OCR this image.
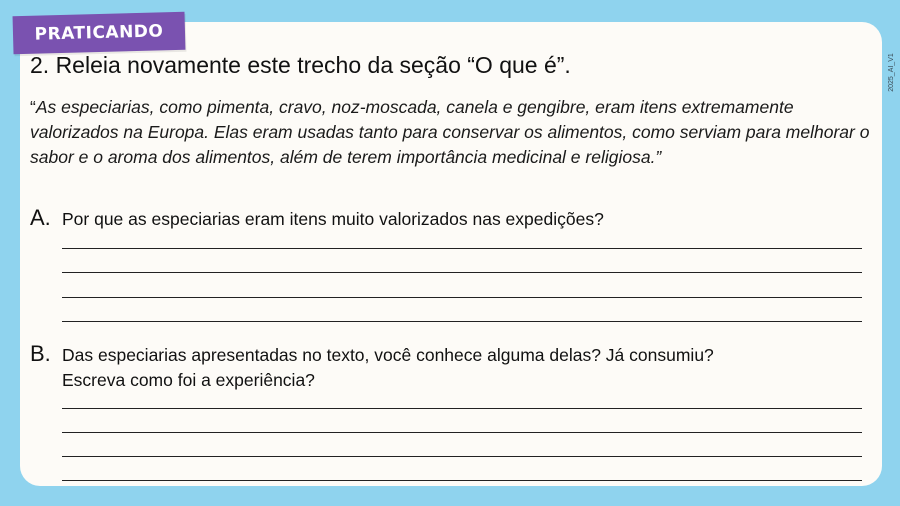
PRATICANDO
2025_AI_V1
2. Releia novamente este trecho da seção “O que é”.

“As especiarias, como pimenta, cravo, noz-moscada, canela e gengibre, eram itens extremamente valorizados na Europa. Elas eram usadas tanto para conservar os alimentos, como serviam para melhorar o sabor e o aroma dos alimentos, além de terem importância medicinal e religiosa.”

A. Por que as especiarias eram itens muito valorizados nas expedições?
B. Das especiarias apresentadas no texto, você conhece alguma delas? Já consumiu?
Escreva como foi a experiência?
